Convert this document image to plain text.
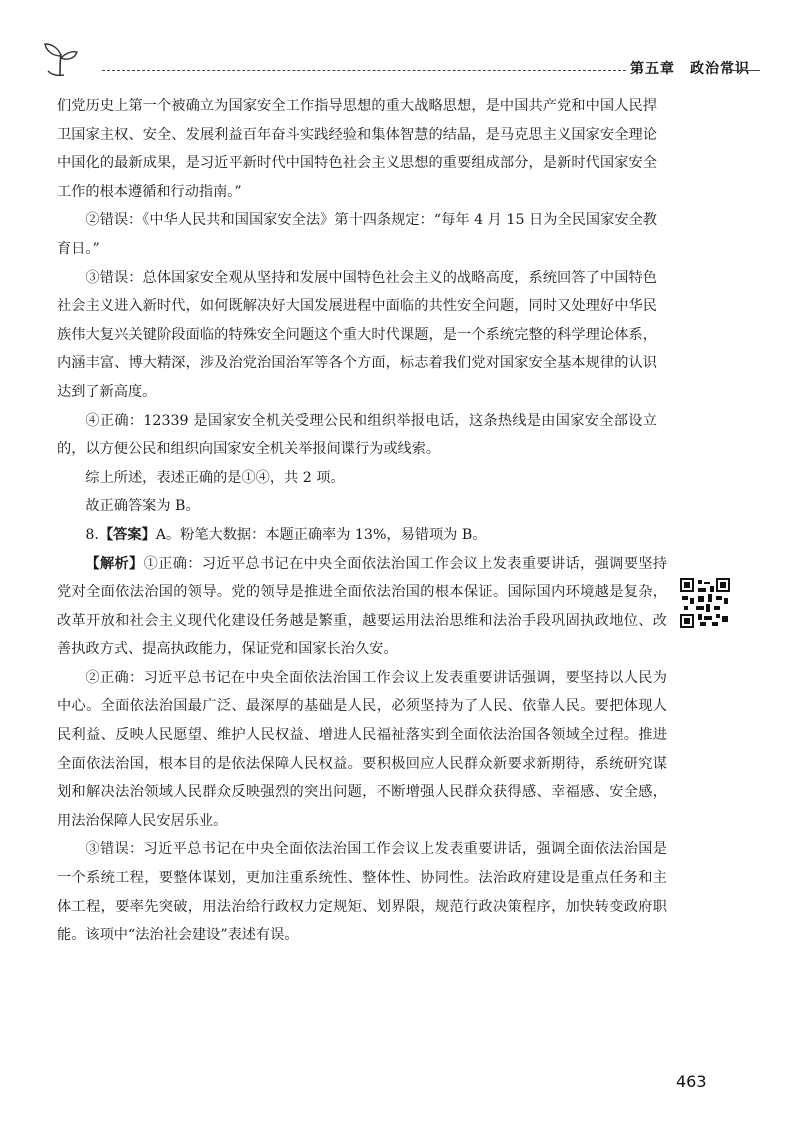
第五章　政治常识

们党历史上第一个被确立为国家安全工作指导思想的重大战略思想，是中国共产党和中国人民捍卫国家主权、安全、发展利益百年奋斗实践经验和集体智慧的结晶，是马克思主义国家安全理论中国化的最新成果，是习近平新时代中国特色社会主义思想的重要组成部分，是新时代国家安全工作的根本遵循和行动指南。”

②错误：《中华人民共和国国家安全法》第十四条规定：“每年 4 月 15 日为全民国家安全教育日。”

③错误：总体国家安全观从坚持和发展中国特色社会主义的战略高度，系统回答了中国特色社会主义进入新时代，如何既解决好大国发展进程中面临的共性安全问题，同时又处理好中华民族伟大复兴关键阶段面临的特殊安全问题这个重大时代课题，是一个系统完整的科学理论体系，内涵丰富、博大精深，涉及治党治国治军等各个方面，标志着我们党对国家安全基本规律的认识达到了新高度。

④正确：12339 是国家安全机关受理公民和组织举报电话，这条热线是由国家安全部设立的，以方便公民和组织向国家安全机关举报间谍行为或线索。

综上所述，表述正确的是①④，共 2 项。

故正确答案为 B。

8.【答案】A。粉笔大数据：本题正确率为 13%，易错项为 B。

【解析】①正确：习近平总书记在中央全面依法治国工作会议上发表重要讲话，强调要坚持党对全面依法治国的领导。党的领导是推进全面依法治国的根本保证。国际国内环境越是复杂，改革开放和社会主义现代化建设任务越是繁重，越要运用法治思维和法治手段巩固执政地位、改善执政方式、提高执政能力，保证党和国家长治久安。

②正确：习近平总书记在中央全面依法治国工作会议上发表重要讲话强调，要坚持以人民为中心。全面依法治国最广泛、最深厚的基础是人民，必须坚持为了人民、依靠人民。要把体现人民利益、反映人民愿望、维护人民权益、增进人民福祉落实到全面依法治国各领域全过程。推进全面依法治国，根本目的是依法保障人民权益。要积极回应人民群众新要求新期待，系统研究谋划和解决法治领域人民群众反映强烈的突出问题，不断增强人民群众获得感、幸福感、安全感，用法治保障人民安居乐业。

③错误：习近平总书记在中央全面依法治国工作会议上发表重要讲话，强调全面依法治国是一个系统工程，要整体谋划，更加注重系统性、整体性、协同性。法治政府建设是重点任务和主体工程，要率先突破，用法治给行政权力定规矩、划界限，规范行政决策程序，加快转变政府职能。该项中“法治社会建设”表述有误。

463
